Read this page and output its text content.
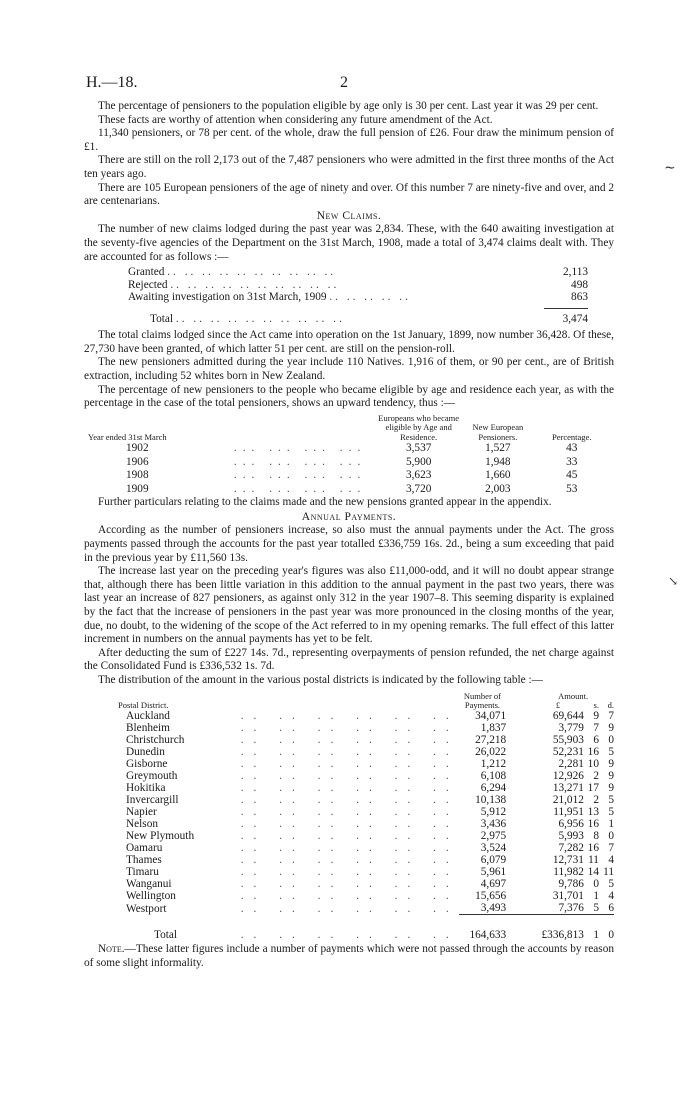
H.—18.	2
∼
↘

The percentage of pensioners to the population eligible by age only is 30 per cent. Last year it was 29 per cent.

These facts are worthy of attention when considering any future amendment of the Act.

11,340 pensioners, or 78 per cent. of the whole, draw the full pension of £26. Four draw the minimum pension of £1.

There are still on the roll 2,173 out of the 7,487 pensioners who were admitted in the first three months of the Act ten years ago.

There are 105 European pensioners of the age of ninety and over. Of this number 7 are ninety-five and over, and 2 are centenarians.

New Claims.

The number of new claims lodged during the past year was 2,834. These, with the 640 awaiting investigation at the seventy-five agencies of the Department on the 31st March, 1908, made a total of 3,474 claims dealt with. They are accounted for as follows :—

Granted .. .. .. .. .. .. .. .. .. ..	2,113
Rejected .. .. .. .. .. .. .. .. .. ..	498
Awaiting investigation on 31st March, 1909 .. .. .. .. ..	863
Total .. .. .. .. .. .. .. .. .. ..	3,474

The total claims lodged since the Act came into operation on the 1st January, 1899, now number 36,428. Of these, 27,730 have been granted, of which latter 51 per cent. are still on the pension-roll.

The new pensioners admitted during the year include 110 Natives. 1,916 of them, or 90 per cent., are of British extraction, including 52 whites born in New Zealand.

The percentage of new pensioners to the people who became eligible by age and residence each year, as with the percentage in the case of the total pensioners, shows an upward tendency, thus :—

Year ended 31st March		Europeans who became eligible by Age and Residence.	New European Pensioners.	Percentage.
1902	... ... ... ...	3,537	1,527	43
1906	... ... ... ...	5,900	1,948	33
1908	... ... ... ...	3,623	1,660	45
1909	... ... ... ...	3,720	2,003	53

Further particulars relating to the claims made and the new pensions granted appear in the appendix.

Annual Payments.

According as the number of pensioners increase, so also must the annual payments under the Act. The gross payments passed through the accounts for the past year totalled £336,759 16s. 2d., being a sum exceeding that paid in the previous year by £11,560 13s.

The increase last year on the preceding year's figures was also £11,000-odd, and it will no doubt appear strange that, although there has been little variation in this addition to the annual payment in the past two years, there was last year an increase of 827 pensioners, as against only 312 in the year 1907–8. This seeming disparity is explained by the fact that the increase of pensioners in the past year was more pronounced in the closing months of the year, due, no doubt, to the widening of the scope of the Act referred to in my opening remarks. The full effect of this latter increment in numbers on the annual payments has yet to be felt.

After deducting the sum of £227 14s. 7d., representing overpayments of pension refunded, the net charge against the Consolidated Fund is £336,532 1s. 7d.

The distribution of the amount in the various postal districts is indicated by the following table :—

Postal District.		Number of Payments.	Amount.		
			£	s.	d.
Auckland	.. .. .. .. .. ..	34,071	69,644	9	7
Blenheim	.. .. .. .. .. ..	1,837	3,779	7	9
Christchurch	.. .. .. .. .. ..	27,218	55,903	6	0
Dunedin	.. .. .. .. .. ..	26,022	52,231	16	5
Gisborne	.. .. .. .. .. ..	1,212	2,281	10	9
Greymouth	.. .. .. .. .. ..	6,108	12,926	2	9
Hokitika	.. .. .. .. .. ..	6,294	13,271	17	9
Invercargill	.. .. .. .. .. ..	10,138	21,012	2	5
Napier	.. .. .. .. .. ..	5,912	11,951	13	5
Nelson	.. .. .. .. .. ..	3,436	6,956	16	1
New Plymouth	.. .. .. .. .. ..	2,975	5,993	8	0
Oamaru	.. .. .. .. .. ..	3,524	7,282	16	7
Thames	.. .. .. .. .. ..	6,079	12,731	11	4
Timaru	.. .. .. .. .. ..	5,961	11,982	14	11
Wanganui	.. .. .. .. .. ..	4,697	9,786	0	5
Wellington	.. .. .. .. .. ..	15,656	31,701	1	4
Westport	.. .. .. .. .. ..	3,493	7,376	5	6

Total	.. .. .. .. .. ..	164,633	£336,813	1	0

Note.—These latter figures include a number of payments which were not passed through the accounts by reason of some slight informality.
